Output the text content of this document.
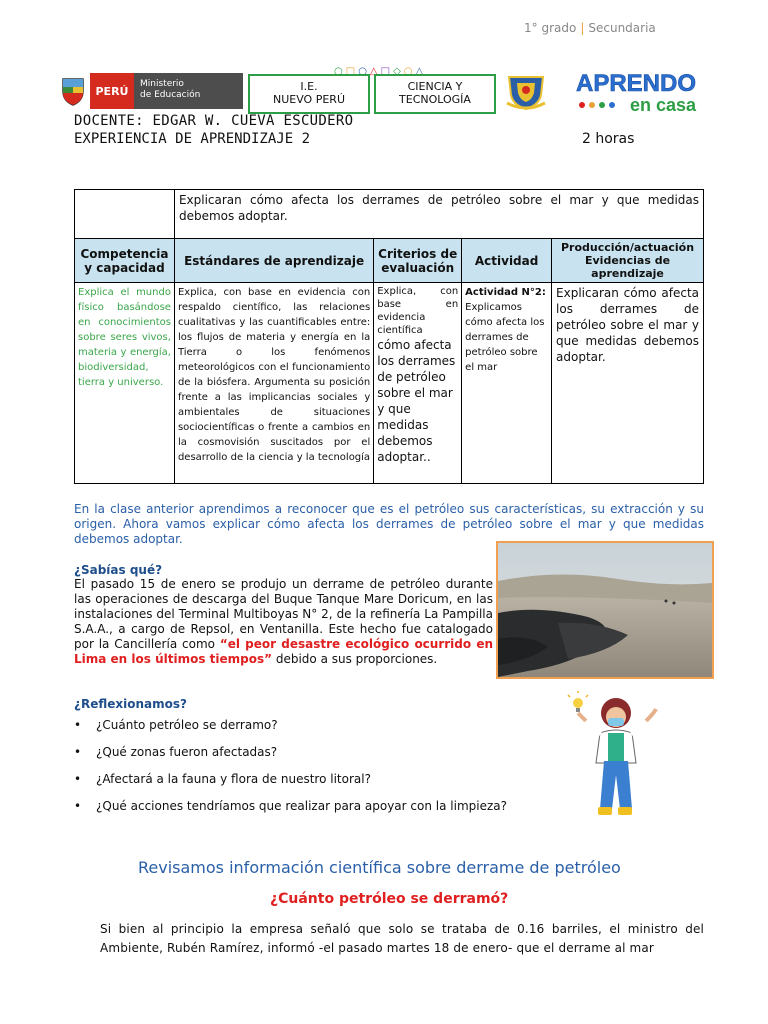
1° grado | Secundaria
○□○△□◇○△
PERÚ
Ministerio
de Educación
I.E.
NUEVO PERÚ
CIENCIA Y
TECNOLOGÍA
APRENDO
en casa
DOCENTE: EDGAR W. CUEVA ESCUDERO
EXPERIENCIA DE APRENDIZAJE 2	2 horas
	Explicaran cómo afecta los derrames de petróleo sobre el mar y que medidas debemos adoptar.			
Competencia y capacidad	Estándares de aprendizaje	Criterios de evaluación	Actividad	Producción/actuación
Evidencias de aprendizaje

Explica el mundo físico basándose en conocimientos sobre seres vivos, materia y energía, biodiversidad, tierra y universo.	Explica, con base en evidencia con respaldo científico, las relaciones cualitativas y las cuantificables entre: los flujos de materia y energía en la Tierra o los fenómenos meteorológicos con el funcionamiento de la biósfera. Argumenta su posición frente a las implicancias sociales y ambientales de situaciones sociocientíficas o frente a cambios en la cosmovisión suscitados por el desarrollo de la ciencia y la tecnología	Explica, con base en evidencia científica
cómo afecta los derrames de petróleo sobre el mar y que medidas debemos adoptar..	Actividad N°2:
Explicamos cómo afecta los derrames de petróleo sobre el mar	Explicaran cómo afecta los derrames de petróleo sobre el mar y que medidas debemos adoptar.
En la clase anterior aprendimos a reconocer que es el petróleo sus características, su extracción y su origen. Ahora vamos explicar cómo afecta los derrames de petróleo sobre el mar y que medidas debemos adoptar.
¿Sabías qué?
El pasado 15 de enero se produjo un derrame de petróleo durante las operaciones de descarga del Buque Tanque Mare Doricum, en las instalaciones del Terminal Multiboyas N° 2, de la refinería La Pampilla S.A.A., a cargo de Repsol, en Ventanilla. Este hecho fue catalogado por la Cancillería como “el peor desastre ecológico ocurrido en Lima en los últimos tiempos” debido a sus proporciones.
¿Reflexionamos?
•	¿Cuánto petróleo se derramo?
•	¿Qué zonas fueron afectadas?
•	¿Afectará a la fauna y flora de nuestro litoral?
•	¿Qué acciones tendríamos que realizar para apoyar con la limpieza?
Revisamos información científica sobre derrame de petróleo
¿Cuánto petróleo se derramó?
Si bien al principio la empresa señaló que solo se trataba de 0.16 barriles, el ministro del Ambiente, Rubén Ramírez, informó -el pasado martes 18 de enero- que el derrame al mar
